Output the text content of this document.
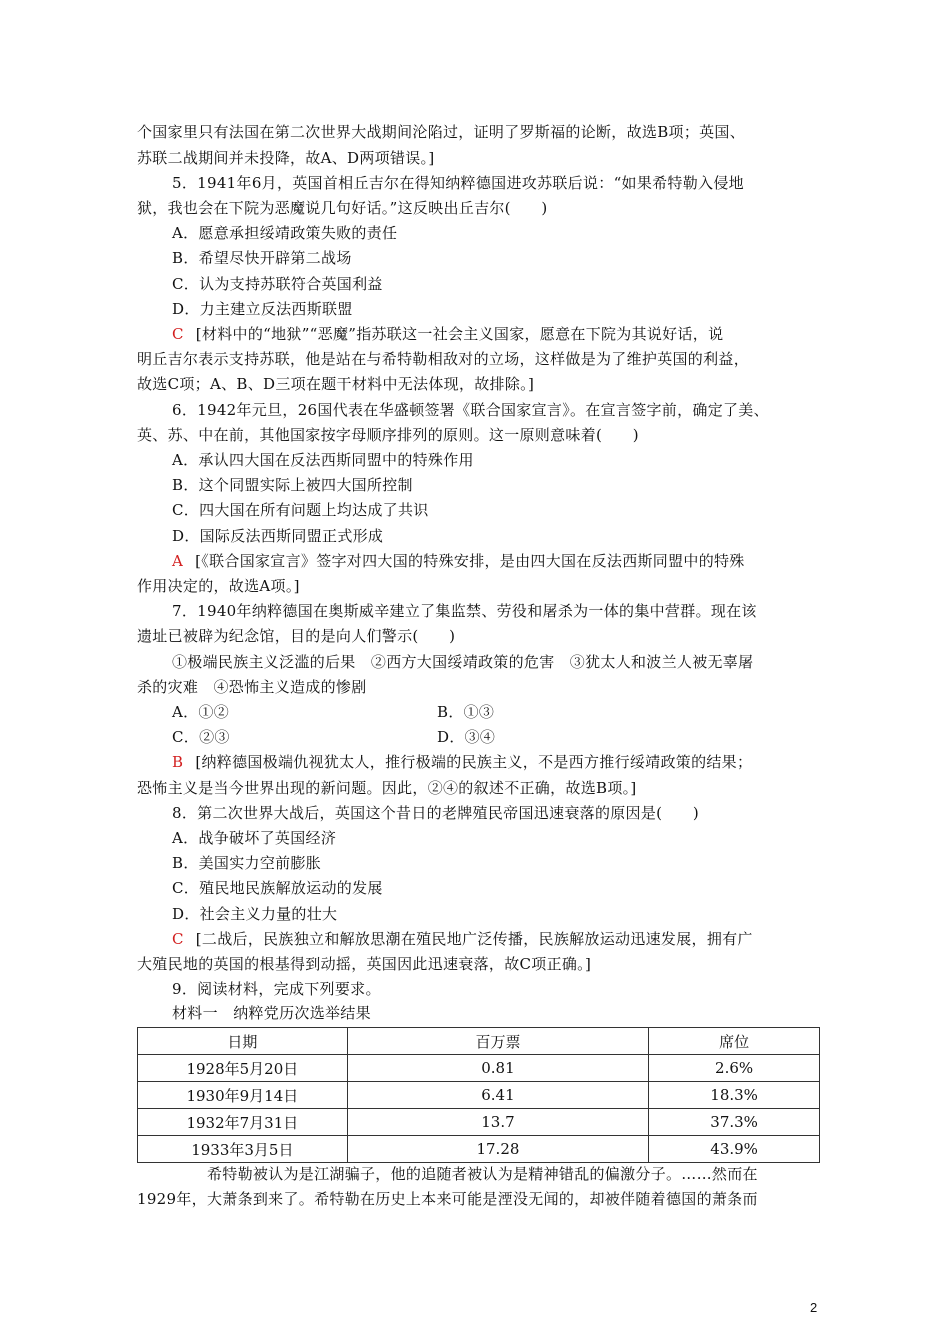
个国家里只有法国在第二次世界大战期间沦陷过，证明了罗斯福的论断，故选B项；英国、
苏联二战期间并未投降，故A、D两项错误。]
5．1941年6月，英国首相丘吉尔在得知纳粹德国进攻苏联后说：“如果希特勒入侵地
狱，我也会在下院为恶魔说几句好话。”这反映出丘吉尔(　　)
A．愿意承担绥靖政策失败的责任
B．希望尽快开辟第二战场
C．认为支持苏联符合英国利益
D．力主建立反法西斯联盟
C [材料中的“地狱”“恶魔”指苏联这一社会主义国家，愿意在下院为其说好话，说
明丘吉尔表示支持苏联，他是站在与希特勒相敌对的立场，这样做是为了维护英国的利益，
故选C项；A、B、D三项在题干材料中无法体现，故排除。]
6．1942年元旦，26国代表在华盛顿签署《联合国家宣言》。在宣言签字前，确定了美、
英、苏、中在前，其他国家按字母顺序排列的原则。这一原则意味着(　　)
A．承认四大国在反法西斯同盟中的特殊作用
B．这个同盟实际上被四大国所控制
C．四大国在所有问题上均达成了共识
D．国际反法西斯同盟正式形成
A [《联合国家宣言》签字对四大国的特殊安排，是由四大国在反法西斯同盟中的特殊
作用决定的，故选A项。]
7．1940年纳粹德国在奥斯威辛建立了集监禁、劳役和屠杀为一体的集中营群。现在该
遗址已被辟为纪念馆，目的是向人们警示(　　)
①极端民族主义泛滥的后果　②西方大国绥靖政策的危害　③犹太人和波兰人被无辜屠
杀的灾难　④恐怖主义造成的惨剧
A．①②	B．①③
C．②③	D．③④
B [纳粹德国极端仇视犹太人，推行极端的民族主义，不是西方推行绥靖政策的结果；
恐怖主义是当今世界出现的新问题。因此，②④的叙述不正确，故选B项。]
8．第二次世界大战后，英国这个昔日的老牌殖民帝国迅速衰落的原因是(　　)
A．战争破坏了英国经济
B．美国实力空前膨胀
C．殖民地民族解放运动的发展
D．社会主义力量的壮大
C [二战后，民族独立和解放思潮在殖民地广泛传播，民族解放运动迅速发展，拥有广
大殖民地的英国的根基得到动摇，英国因此迅速衰落，故C项正确。]
9．阅读材料，完成下列要求。
材料一　纳粹党历次选举结果
日期	百万票	席位
1928年5月20日	0.81	2.6%
1930年9月14日	6.41	18.3%
1932年7月31日	13.7	37.3%
1933年3月5日	17.28	43.9%
希特勒被认为是江湖骗子，他的追随者被认为是精神错乱的偏激分子。……然而在
1929年，大萧条到来了。希特勒在历史上本来可能是湮没无闻的，却被伴随着德国的萧条而
2
